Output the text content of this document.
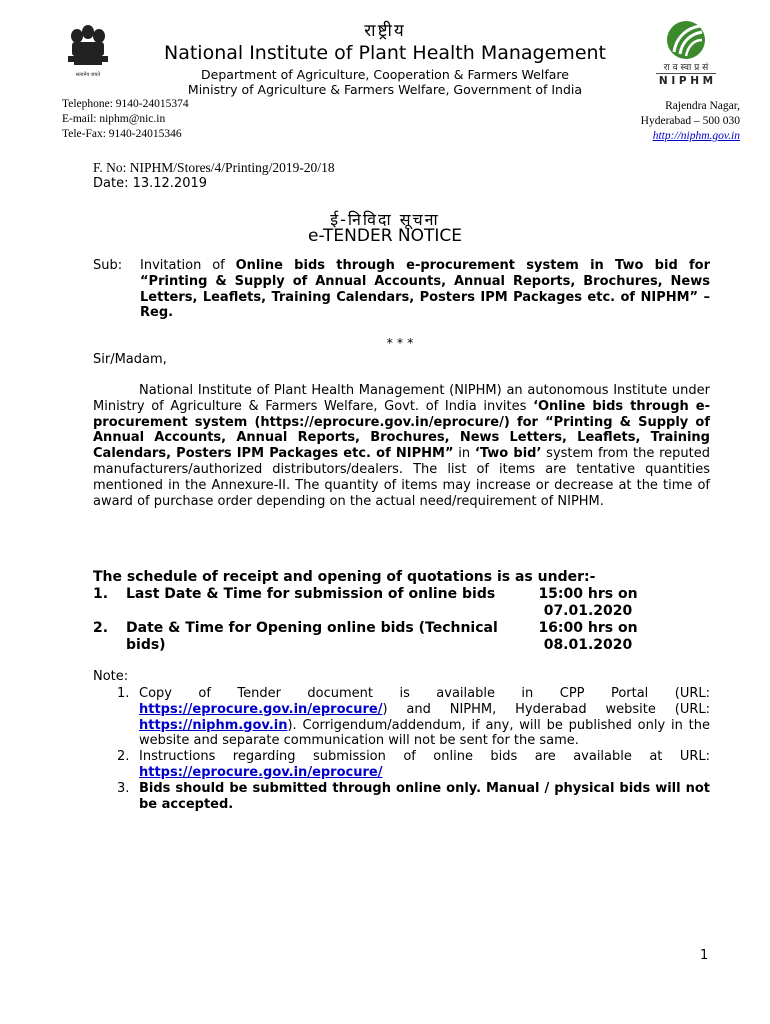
सत्यमेव जयते
राष्ट्रीय
National Institute of Plant Health Management
Department of Agriculture, Cooperation & Farmers Welfare
Ministry of Agriculture & Farmers Welfare, Government of India
रा व स्वा प्र सं
N I P H M
Telephone: 9140-24015374
E-mail: niphm@nic.in
Tele-Fax: 9140-24015346
Rajendra Nagar,
Hyderabad – 500 030
http://niphm.gov.in
F. No: NIPHM/Stores/4/Printing/2019-20/18
Date: 13.12.2019
ई-निविदा सूचना
e-TENDER NOTICE
Sub: Invitation of Online bids through e-procurement system in Two bid for “Printing & Supply of Annual Accounts, Annual Reports, Brochures, News Letters, Leaflets, Training Calendars, Posters IPM Packages etc. of NIPHM” – Reg.
* * *
Sir/Madam,
National Institute of Plant Health Management (NIPHM) an autonomous Institute under Ministry of Agriculture & Farmers Welfare, Govt. of India invites ‘Online bids through e-procurement system (https://eprocure.gov.in/eprocure/) for “Printing & Supply of Annual Accounts, Annual Reports, Brochures, News Letters, Leaflets, Training Calendars, Posters IPM Packages etc. of NIPHM” in ‘Two bid’ system from the reputed manufacturers/authorized distributors/dealers. The list of items are tentative quantities mentioned in the Annexure-II. The quantity of items may increase or decrease at the time of award of purchase order depending on the actual need/requirement of NIPHM.
The schedule of receipt and opening of quotations is as under:-
1. Last Date & Time for submission of online bids	15:00 hrs on 07.01.2020
2. Date & Time for Opening online bids (Technical bids)
16:00 hrs on 08.01.2020
Note:
1. Copy of Tender document is available in CPP Portal (URL: https://eprocure.gov.in/eprocure/) and NIPHM, Hyderabad website (URL: https://niphm.gov.in). Corrigendum/addendum, if any, will be published only in the website and separate communication will not be sent for the same.
2. Instructions regarding submission of online bids are available at URL: https://eprocure.gov.in/eprocure/
3. Bids should be submitted through online only. Manual / physical bids will not be accepted.
1
